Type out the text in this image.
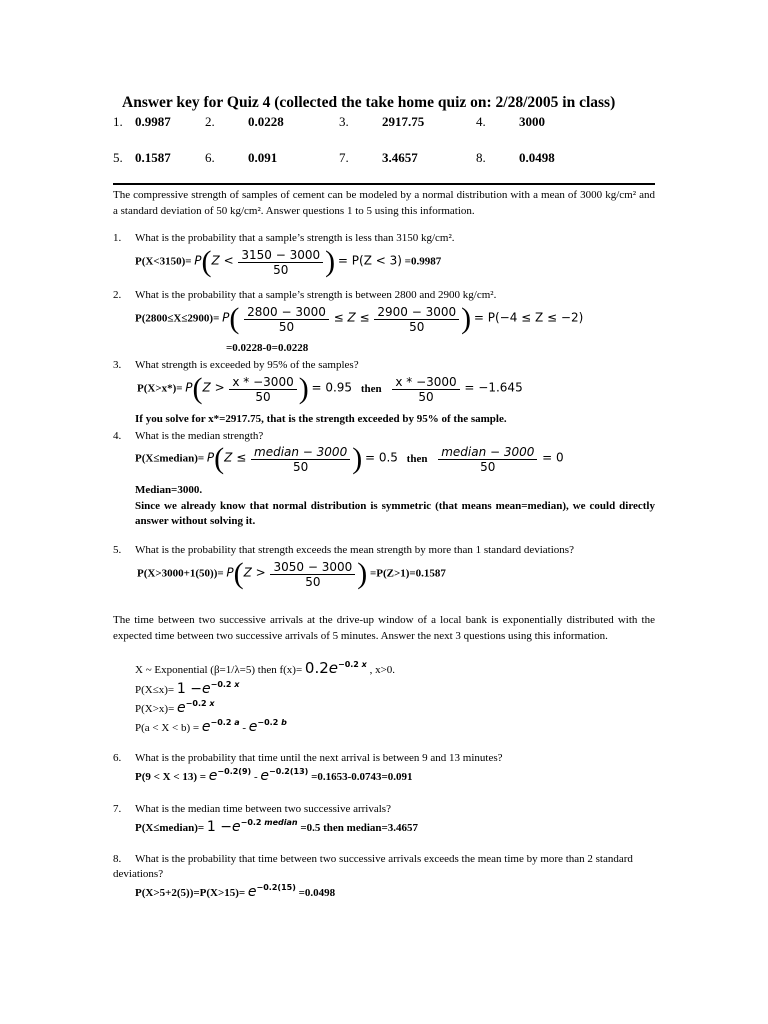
Answer key for Quiz 4 (collected the take home quiz on: 2/28/2005 in class)
1. 0.9987	2.	0.0228	3.	2917.75	4.	3000
5. 0.1587	6.	0.091	7.	3.4657	8.	0.0498
The compressive strength of samples of cement can be modeled by a normal distribution with a mean of 3000 kg/cm² and a standard deviation of 50 kg/cm². Answer questions 1 to 5 using this information.
1. What is the probability that a sample’s strength is less than 3150 kg/cm².
$P(X<3150)= P(Z < \frac{3150 - 3000}{50}$ ) = P(Z < 3) =0.9987
2. What is the probability that a sample’s strength is between 2800 and 2900 kg/cm².
$P(2800\le X\le 2900)= P( \frac{2800 - 3000}{50} \le Z \le \frac{2900 - 3000}{50}$ ) = P(−4 ≤ Z ≤ −2)
=0.0228-0=0.0228
3. What strength is exceeded by 95% of the samples?
$P(X>x*)= P(Z > \frac{x * -3000}{50}$ ) = 0.95 then $\frac{x * -3000}{50} = -1.645$
If you solve for x*=2917.75, that is the strength exceeded by 95% of the sample.
4. What is the median strength?
P(X≤median)= $P(Z \le \frac{\text{median − 3000}}{50}$ ) = 0.5 then $\frac{\text{median − 3000}}{50} = 0$
Median=3000.
Since we already know that normal distribution is symmetric (that means mean=median), we could directly answer without solving it.
5. What is the probability that strength exceeds the mean strength by more than 1 standard deviations?
$P(X>3000+1(50))= P(Z > \frac{3050 - 3000}{50}$ ) =P(Z>1)=0.1587
The time between two successive arrivals at the drive-up window of a local bank is exponentially distributed with the expected time between two successive arrivals of 5 minutes. Answer the next 3 questions using this information.
X ~ Exponential (β=1/λ=5) then $f(x)= 0.2e^{-0.2 x}$ , x>0.
$P(X\le x)= 1 -e^{-0.2 x}$
$P(X>x)= e^{-0.2 x}$
$P(a < X < b) = e^{-0.2 a} - e^{-0.2 b}$
6. What is the probability that time until the next arrival is between 9 and 13 minutes?
$P(9 < X < 13) = e^{-0.2(9)} - e^{-0.2(13)} =0.1653-0.0743=0.091$
7. What is the median time between two successive arrivals?
P(X≤median)= $1 -e^{-0.2 median} =0.5$ then median=3.4657
8. What is the probability that time between two successive arrivals exceeds the mean time by more than 2 standard deviations?
$P(X>5+2(5))=P(X>15)= e^{-0.2(15)} =0.0498$
